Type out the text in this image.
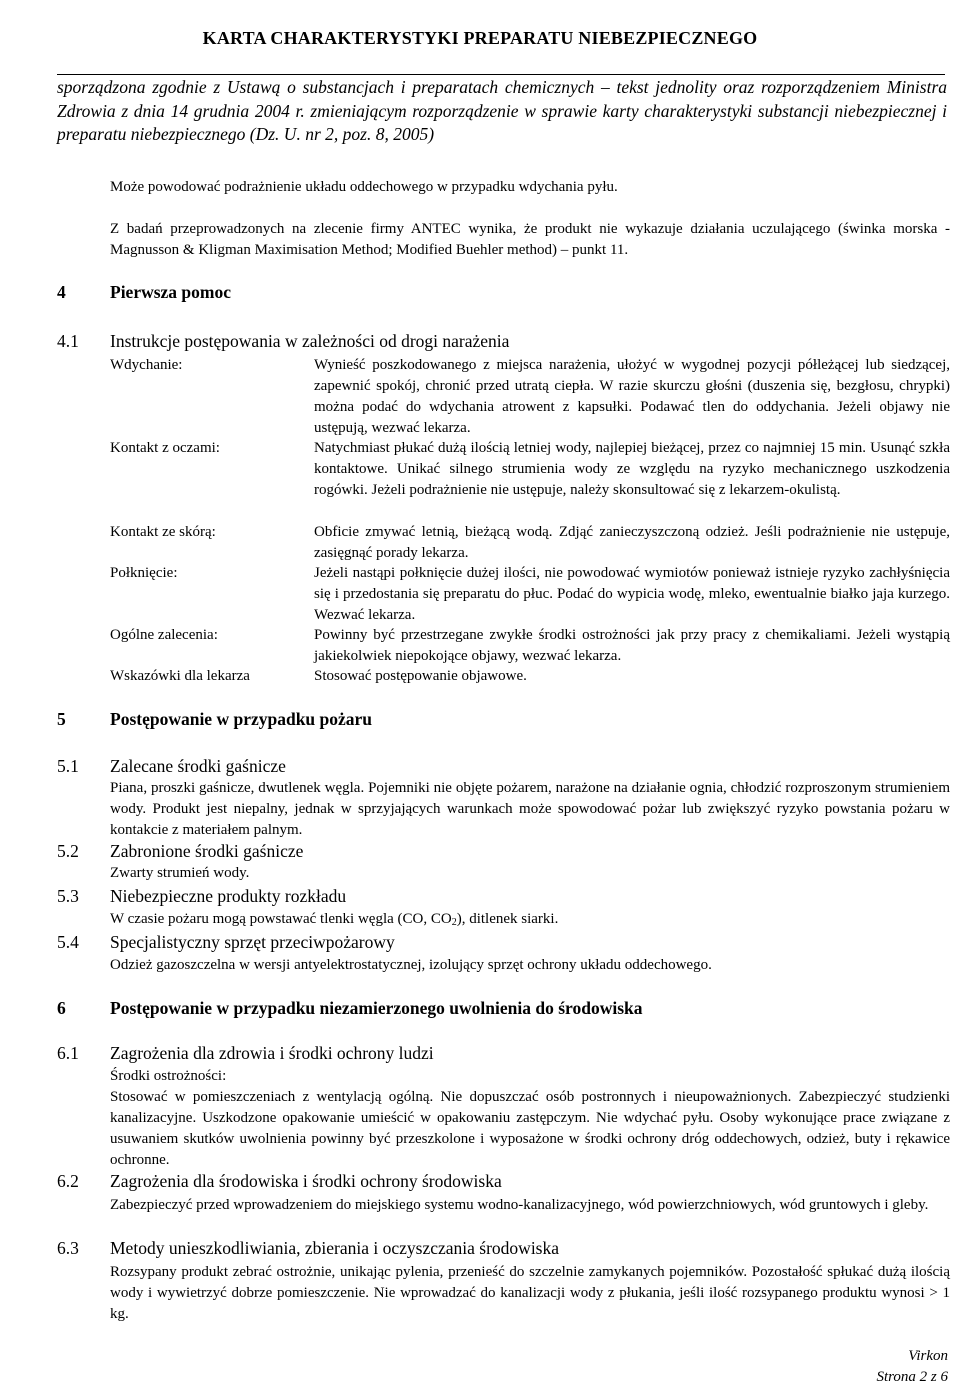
KARTA CHARAKTERYSTYKI PREPARATU NIEBEZPIECZNEGO
sporządzona zgodnie z Ustawą o substancjach i preparatach chemicznych – tekst jednolity oraz rozporządzeniem Ministra Zdrowia z dnia 14 grudnia 2004 r. zmieniającym rozporządzenie w sprawie karty charakterystyki substancji niebezpiecznej i preparatu niebezpiecznego (Dz. U. nr 2, poz. 8, 2005)
Może powodować podrażnienie układu oddechowego w przypadku wdychania pyłu.
Z badań przeprowadzonych na zlecenie firmy ANTEC wynika, że produkt nie wykazuje działania uczulającego (świnka morska - Magnusson & Kligman Maximisation Method; Modified Buehler method) – punkt 11.
4	Pierwsza pomoc
4.1 Instrukcje postępowania w zależności od drogi narażenia
Wdychanie:	Wynieść poszkodowanego z miejsca narażenia, ułożyć w wygodnej pozycji półleżącej lub siedzącej, zapewnić spokój, chronić przed utratą ciepła. W razie skurczu głośni (duszenia się, bezgłosu, chrypki) można podać do wdychania atrowent z kapsułki. Podawać tlen do oddychania. Jeżeli objawy nie ustępują, wezwać lekarza.
Kontakt z oczami:	Natychmiast płukać dużą ilością letniej wody, najlepiej bieżącej, przez co najmniej 15 min. Usunąć szkła kontaktowe. Unikać silnego strumienia wody ze względu na ryzyko mechanicznego uszkodzenia rogówki. Jeżeli podrażnienie nie ustępuje, należy skonsultować się z lekarzem-okulistą.
Kontakt ze skórą:	Obficie zmywać letnią, bieżącą wodą. Zdjąć zanieczyszczoną odzież. Jeśli podrażnienie nie ustępuje, zasięgnąć porady lekarza.
Połknięcie:	Jeżeli nastąpi połknięcie dużej ilości, nie powodować wymiotów ponieważ istnieje ryzyko zachłyśnięcia się i przedostania się preparatu do płuc. Podać do wypicia wodę, mleko, ewentualnie białko jaja kurzego. Wezwać lekarza.
Ogólne zalecenia:	Powinny być przestrzegane zwykłe środki ostrożności jak przy pracy z chemikaliami. Jeżeli wystąpią jakiekolwiek niepokojące objawy, wezwać lekarza.
Wskazówki dla lekarza	Stosować postępowanie objawowe.
5	Postępowanie w przypadku pożaru
5.1 Zalecane środki gaśnicze
Piana, proszki gaśnicze, dwutlenek węgla. Pojemniki nie objęte pożarem, narażone na działanie ognia, chłodzić rozproszonym strumieniem wody. Produkt jest niepalny, jednak w sprzyjających warunkach może spowodować pożar lub zwiększyć ryzyko powstania pożaru w kontakcie z materiałem palnym.
5.2 Zabronione środki gaśnicze
Zwarty strumień wody.
5.3 Niebezpieczne produkty rozkładu
W czasie pożaru mogą powstawać tlenki węgla (CO, $CO_2$), ditlenek siarki.
5.4 Specjalistyczny sprzęt przeciwpożarowy
Odzież gazoszczelna w wersji antyelektrostatycznej, izolujący sprzęt ochrony układu oddechowego.
6	Postępowanie w przypadku niezamierzonego uwolnienia do środowiska
6.1 Zagrożenia dla zdrowia i środki ochrony ludzi
Środki ostrożności:
Stosować w pomieszczeniach z wentylacją ogólną. Nie dopuszczać osób postronnych i nieupoważnionych. Zabezpieczyć studzienki kanalizacyjne. Uszkodzone opakowanie umieścić w opakowaniu zastępczym. Nie wdychać pyłu. Osoby wykonujące prace związane z usuwaniem skutków uwolnienia powinny być przeszkolone i wyposażone w środki ochrony dróg oddechowych, odzież, buty i rękawice ochronne.
6.2 Zagrożenia dla środowiska i środki ochrony środowiska
Zabezpieczyć przed wprowadzeniem do miejskiego systemu wodno-kanalizacyjnego, wód powierzchniowych, wód gruntowych i gleby.
6.3 Metody unieszkodliwiania, zbierania i oczyszczania środowiska
Rozsypany produkt zebrać ostrożnie, unikając pylenia, przenieść do szczelnie zamykanych pojemników. Pozostałość spłukać dużą ilością wody i wywietrzyć dobrze pomieszczenie. Nie wprowadzać do kanalizacji wody z płukania, jeśli ilość rozsypanego produktu wynosi > 1 kg.
Virkon
Strona 2 z 6
